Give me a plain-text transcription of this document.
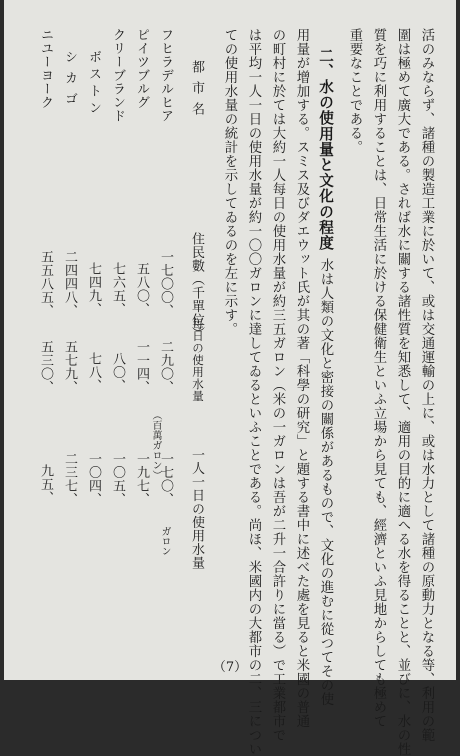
活のみならず、諸種の製造工業に於いて、或は交通運輸の上に、或は水力として諸種の原動力となる等、利用の範
圍は極めて廣大である。されば水に關する諸性質を知悉して、適用の目的に適へる水を得ることと、並びに、水の性
質を巧に利用することは、日常生活に於ける保健衛生といふ立場から見ても、經濟といふ見地からしても極めて
重要なことである。
二、水の使用量と文化の程度
水は人類の文化と密接の關係があるもので、文化の進むに從つてその使
用量が增加する。スミス及びダエウット氏が其の著「科學の研究」と題する書中に述べた處を見ると米國の普通
の町村に於ては大約一人每日の使用水量が約三五ガロン（米の一ガロンは吾が二升一合許りに當る）で工業都市で
は平均一人一日の使用水量が約一〇〇ガロンに達してゐるといふことである。尚ほ、米國内の大都市の二、三につい
ての使用水量の統計を示してゐるのを左に示す。
都市名
フヒラデルヒア
ピイツブルグ
クリーブランド
ボストン
シカゴ
ニユーヨーク
住民數（千單位）
一七〇〇、
五八〇、
七六五、
七四九、
二四四八、
五五八五、
每日の使用水量
二九〇、
（百萬ガロン）
一一四、
八〇、
七八、
五七九、
五三〇、
一人一日の使用水量
一七〇、
ガロン
一九七、
一〇五、
一〇四、
二三七、
九五、
（7）
